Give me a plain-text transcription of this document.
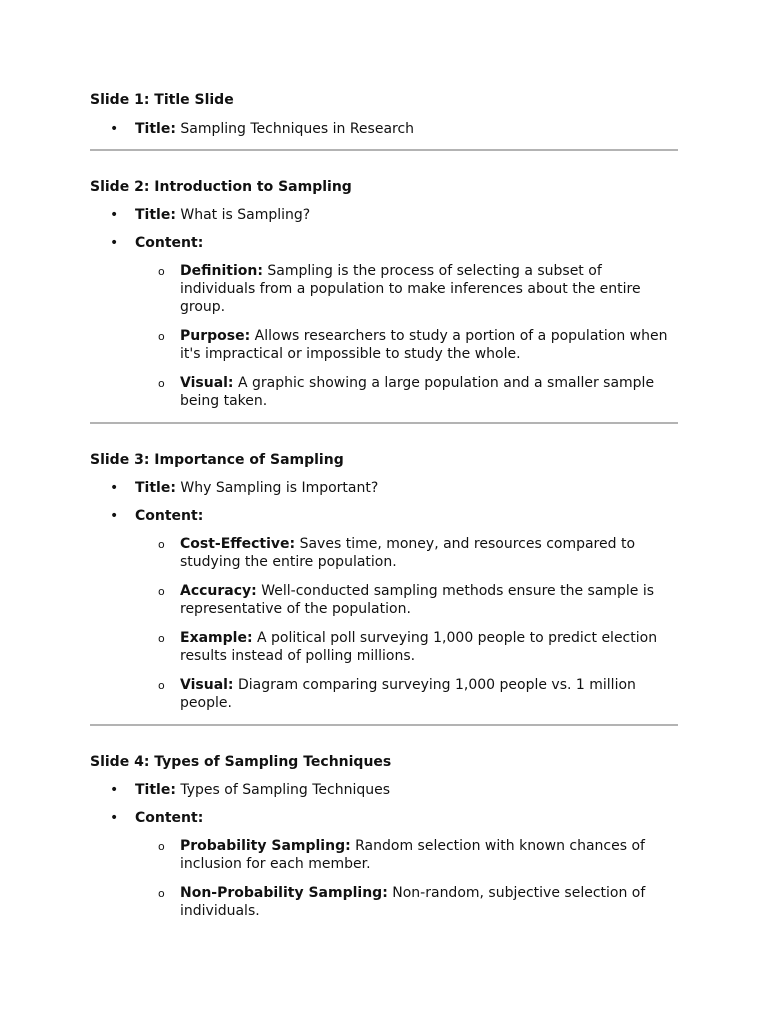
Slide 1: Title Slide

• Title: Sampling Techniques in Research

Slide 2: Introduction to Sampling

• Title: What is Sampling?
• Content:
o Definition: Sampling is the process of selecting a subset of individuals from a population to make inferences about the entire group.
o Purpose: Allows researchers to study a portion of a population when it's impractical or impossible to study the whole.
o Visual: A graphic showing a large population and a smaller sample being taken.

Slide 3: Importance of Sampling

• Title: Why Sampling is Important?
• Content:
o Cost-Effective: Saves time, money, and resources compared to studying the entire population.
o Accuracy: Well-conducted sampling methods ensure the sample is representative of the population.
o Example: A political poll surveying 1,000 people to predict election results instead of polling millions.
o Visual: Diagram comparing surveying 1,000 people vs. 1 million people.

Slide 4: Types of Sampling Techniques

• Title: Types of Sampling Techniques
• Content:
o Probability Sampling: Random selection with known chances of inclusion for each member.
o Non-Probability Sampling: Non-random, subjective selection of individuals.
